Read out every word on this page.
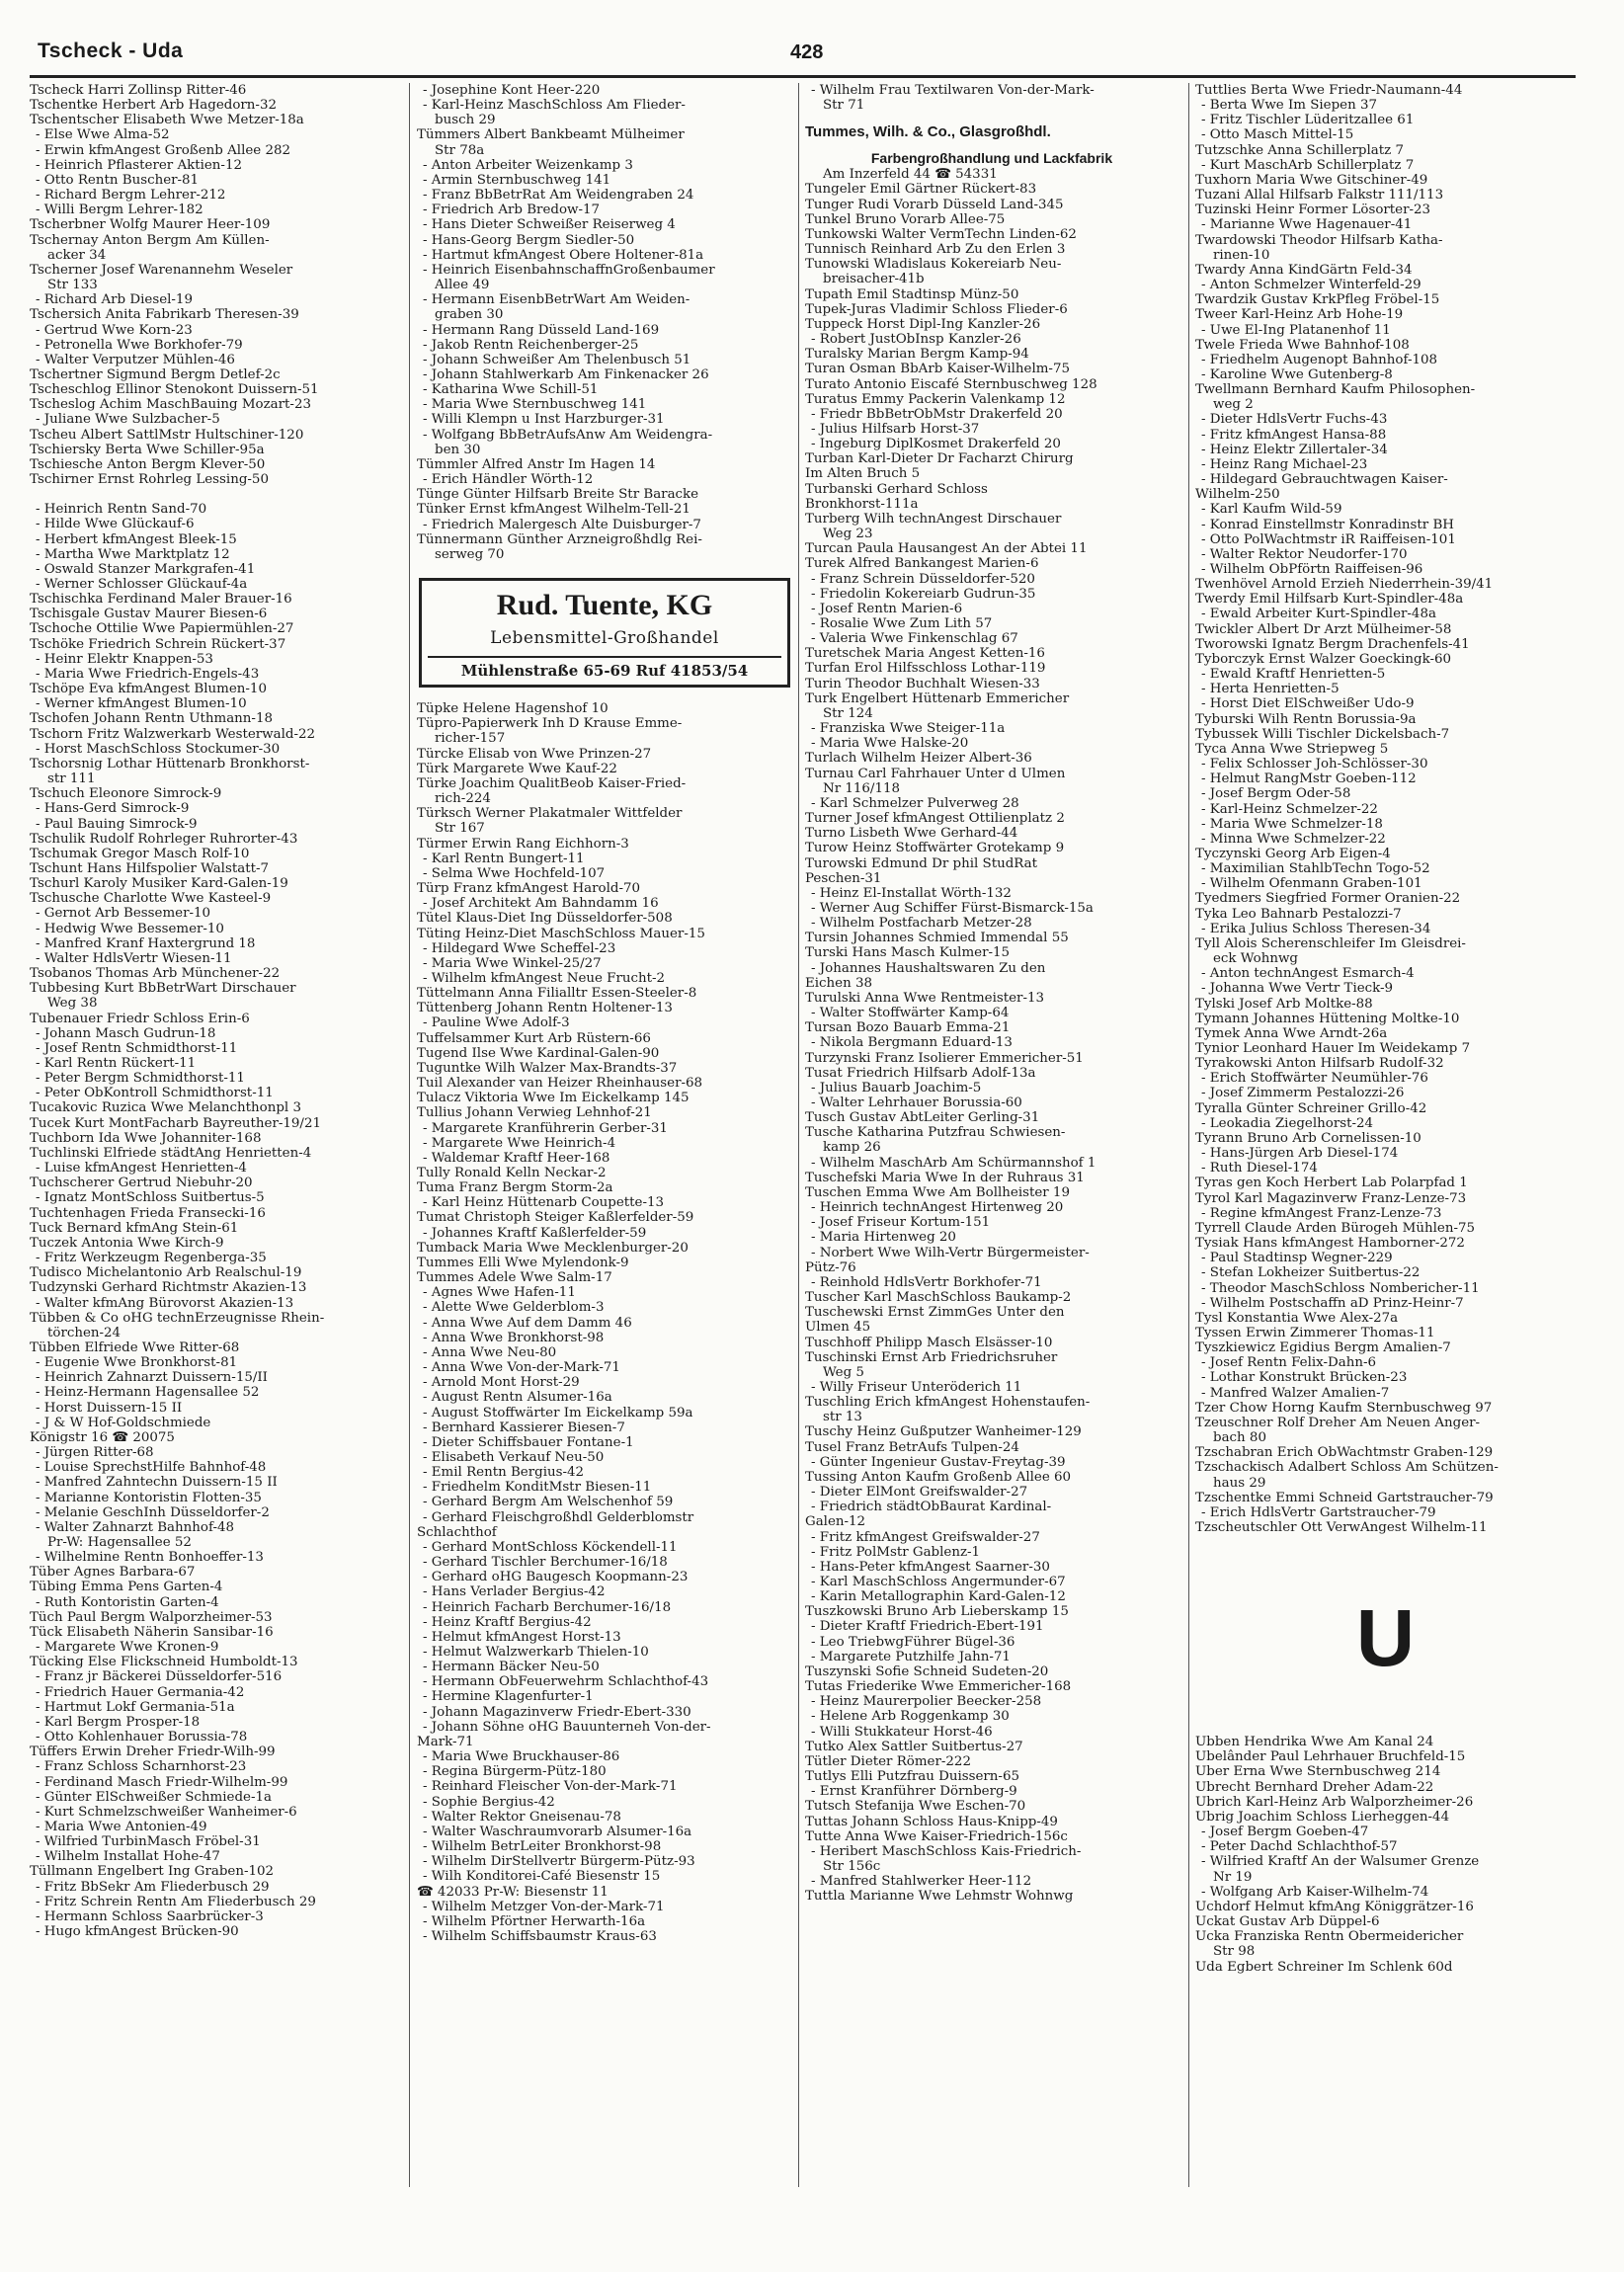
Tscheck - Uda	428
Tscheck Harri Zollinsp Ritter-46
Tschentke Herbert Arb Hagedorn-32
Tschentscher Elisabeth Wwe Metzer-18a
- Else Wwe Alma-52
- Erwin kfmAngest Großenb Allee 282
- Heinrich Pflasterer Aktien-12
- Otto Rentn Buscher-81
- Richard Bergm Lehrer-212
- Willi Bergm Lehrer-182
Tscherbner Wolfg Maurer Heer-109
Tschernay Anton Bergm Am Küllen-
acker 34
Tscherner Josef Warenannehm Weseler
Str 133
- Richard Arb Diesel-19
Tschersich Anita Fabrikarb Theresen-39
- Gertrud Wwe Korn-23
- Petronella Wwe Borkhofer-79
- Walter Verputzer Mühlen-46
Tschertner Sigmund Bergm Detlef-2c
Tscheschlog Ellinor Stenokont Duissern-51
Tscheslog Achim MaschBauing Mozart-23
- Juliane Wwe Sulzbacher-5
Tscheu Albert SattlMstr Hultschiner-120
Tschiersky Berta Wwe Schiller-95a
Tschiesche Anton Bergm Klever-50
Tschirner Ernst Rohrleg Lessing-50
- Heinrich Rentn Sand-70
- Hilde Wwe Glückauf-6
- Herbert kfmAngest Bleek-15
- Martha Wwe Marktplatz 12
- Oswald Stanzer Markgrafen-41
- Werner Schlosser Glückauf-4a
Tschischka Ferdinand Maler Brauer-16
Tschisgale Gustav Maurer Biesen-6
Tschoche Ottilie Wwe Papiermühlen-27
Tschöke Friedrich Schrein Rückert-37
- Heinr Elektr Knappen-53
- Maria Wwe Friedrich-Engels-43
Tschöpe Eva kfmAngest Blumen-10
- Werner kfmAngest Blumen-10
Tschofen Johann Rentn Uthmann-18
Tschorn Fritz Walzwerkarb Westerwald-22
- Horst MaschSchloss Stockumer-30
Tschorsnig Lothar Hüttenarb Bronkhorst-
str 111
Tschuch Eleonore Simrock-9
- Hans-Gerd Simrock-9
- Paul Bauing Simrock-9
Tschulik Rudolf Rohrleger Ruhrorter-43
Tschumak Gregor Masch Rolf-10
Tschunt Hans Hilfspolier Walstatt-7
Tschurl Karoly Musiker Kard-Galen-19
Tschusche Charlotte Wwe Kasteel-9
- Gernot Arb Bessemer-10
- Hedwig Wwe Bessemer-10
- Manfred Kranf Haxtergrund 18
- Walter HdlsVertr Wiesen-11
Tsobanos Thomas Arb Münchener-22
Tubbesing Kurt BbBetrWart Dirschauer
Weg 38
Tubenauer Friedr Schloss Erin-6
- Johann Masch Gudrun-18
- Josef Rentn Schmidthorst-11
- Karl Rentn Rückert-11
- Peter Bergm Schmidthorst-11
- Peter ObKontroll Schmidthorst-11
Tucakovic Ruzica Wwe Melanchthonpl 3
Tucek Kurt MontFacharb Bayreuther-19/21
Tuchborn Ida Wwe Johanniter-168
Tuchlinski Elfriede städtAng Henrietten-4
- Luise kfmAngest Henrietten-4
Tuchscherer Gertrud Niebuhr-20
- Ignatz MontSchloss Suitbertus-5
Tuchtenhagen Frieda Fransecki-16
Tuck Bernard kfmAng Stein-61
Tuczek Antonia Wwe Kirch-9
- Fritz Werkzeugm Regenberga-35
Tudisco Michelantonio Arb Realschul-19
Tudzynski Gerhard Richtmstr Akazien-13
- Walter kfmAng Bürovorst Akazien-13
Tübben & Co oHG technErzeugnisse Rhein-
törchen-24
Tübben Elfriede Wwe Ritter-68
- Eugenie Wwe Bronkhorst-81
- Heinrich Zahnarzt Duissern-15/II
- Heinz-Hermann Hagensallee 52
- Horst Duissern-15 II
- J & W Hof-Goldschmiede
Königstr 16 ☎ 20075
- Jürgen Ritter-68
- Louise SprechstHilfe Bahnhof-48
- Manfred Zahntechn Duissern-15 II
- Marianne Kontoristin Flotten-35
- Melanie GeschInh Düsseldorfer-2
- Walter Zahnarzt Bahnhof-48
Pr-W: Hagensallee 52
- Wilhelmine Rentn Bonhoeffer-13
Tüber Agnes Barbara-67
Tübing Emma Pens Garten-4
- Ruth Kontoristin Garten-4
Tüch Paul Bergm Walporzheimer-53
Tück Elisabeth Näherin Sansibar-16
- Margarete Wwe Kronen-9
Tücking Else Flickschneid Humboldt-13
- Franz jr Bäckerei Düsseldorfer-516
- Friedrich Hauer Germania-42
- Hartmut Lokf Germania-51a
- Karl Bergm Prosper-18
- Otto Kohlenhauer Borussia-78
Tüffers Erwin Dreher Friedr-Wilh-99
- Franz Schloss Scharnhorst-23
- Ferdinand Masch Friedr-Wilhelm-99
- Günter ElSchweißer Schmiede-1a
- Kurt Schmelzschweißer Wanheimer-6
- Maria Wwe Antonien-49
- Wilfried TurbinMasch Fröbel-31
- Wilhelm Installat Hohe-47
Tüllmann Engelbert Ing Graben-102
- Fritz BbSekr Am Fliederbusch 29
- Fritz Schrein Rentn Am Fliederbusch 29
- Hermann Schloss Saarbrücker-3
- Hugo kfmAngest Brücken-90
- Josephine Kont Heer-220
- Karl-Heinz MaschSchloss Am Flieder-
busch 29
Tümmers Albert Bankbeamt Mülheimer
Str 78a
- Anton Arbeiter Weizenkamp 3
- Armin Sternbuschweg 141
- Franz BbBetrRat Am Weidengraben 24
- Friedrich Arb Bredow-17
- Hans Dieter Schweißer Reiserweg 4
- Hans-Georg Bergm Siedler-50
- Hartmut kfmAngest Obere Holtener-81a
- Heinrich EisenbahnschaffnGroßenbaumer
Allee 49
- Hermann EisenbBetrWart Am Weiden-
graben 30
- Hermann Rang Düsseld Land-169
- Jakob Rentn Reichenberger-25
- Johann Schweißer Am Thelenbusch 51
- Johann Stahlwerkarb Am Finkenacker 26
- Katharina Wwe Schill-51
- Maria Wwe Sternbuschweg 141
- Willi Klempn u Inst Harzburger-31
- Wolfgang BbBetrAufsAnw Am Weidengra-
ben 30
Tümmler Alfred Anstr Im Hagen 14
- Erich Händler Wörth-12
Tünge Günter Hilfsarb Breite Str Baracke
Tünker Ernst kfmAngest Wilhelm-Tell-21
- Friedrich Malergesch Alte Duisburger-7
Tünnermann Günther Arzneigroßhdlg Rei-
serweg 70
Rud. Tuente, KG
Lebensmittel-Großhandel
Mühlenstraße 65-69 Ruf 41853/54
Tüpke Helene Hagenshof 10
Tüpro-Papierwerk Inh D Krause Emme-
richer-157
Türcke Elisab von Wwe Prinzen-27
Türk Margarete Wwe Kauf-22
Türke Joachim QualitBeob Kaiser-Fried-
rich-224
Türksch Werner Plakatmaler Wittfelder
Str 167
Türmer Erwin Rang Eichhorn-3
- Karl Rentn Bungert-11
- Selma Wwe Hochfeld-107
Türp Franz kfmAngest Harold-70
- Josef Architekt Am Bahndamm 16
Tütel Klaus-Diet Ing Düsseldorfer-508
Tüting Heinz-Diet MaschSchloss Mauer-15
- Hildegard Wwe Scheffel-23
- Maria Wwe Winkel-25/27
- Wilhelm kfmAngest Neue Frucht-2
Tüttelmann Anna Filialltr Essen-Steeler-8
Tüttenberg Johann Rentn Holtener-13
- Pauline Wwe Adolf-3
Tuffelsammer Kurt Arb Rüstern-66
Tugend Ilse Wwe Kardinal-Galen-90
Tuguntke Wilh Walzer Max-Brandts-37
Tuil Alexander van Heizer Rheinhauser-68
Tulacz Viktoria Wwe Im Eickelkamp 145
Tullius Johann Verwieg Lehnhof-21
- Margarete Kranführerin Gerber-31
- Margarete Wwe Heinrich-4
- Waldemar Kraftf Heer-168
Tully Ronald Kelln Neckar-2
Tuma Franz Bergm Storm-2a
- Karl Heinz Hüttenarb Coupette-13
Tumat Christoph Steiger Kaßlerfelder-59
- Johannes Kraftf Kaßlerfelder-59
Tumback Maria Wwe Mecklenburger-20
Tummes Elli Wwe Mylendonk-9
Tummes Adele Wwe Salm-17
- Agnes Wwe Hafen-11
- Alette Wwe Gelderblom-3
- Anna Wwe Auf dem Damm 46
- Anna Wwe Bronkhorst-98
- Anna Wwe Neu-80
- Anna Wwe Von-der-Mark-71
- Arnold Mont Horst-29
- August Rentn Alsumer-16a
- August Stoffwärter Im Eickelkamp 59a
- Bernhard Kassierer Biesen-7
- Dieter Schiffsbauer Fontane-1
- Elisabeth Verkauf Neu-50
- Emil Rentn Bergius-42
- Friedhelm KonditMstr Biesen-11
- Gerhard Bergm Am Welschenhof 59
- Gerhard Fleischgroßhdl Gelderblomstr
Schlachthof
- Gerhard MontSchloss Köckendell-11
- Gerhard Tischler Berchumer-16/18
- Gerhard oHG Baugesch Koopmann-23
- Hans Verlader Bergius-42
- Heinrich Facharb Berchumer-16/18
- Heinz Kraftf Bergius-42
- Helmut kfmAngest Horst-13
- Helmut Walzwerkarb Thielen-10
- Hermann Bäcker Neu-50
- Hermann ObFeuerwehrm Schlachthof-43
- Hermine Klagenfurter-1
- Johann Magazinverw Friedr-Ebert-330
- Johann Söhne oHG Bauunterneh Von-der-
Mark-71
- Maria Wwe Bruckhauser-86
- Regina Bürgerm-Pütz-180
- Reinhard Fleischer Von-der-Mark-71
- Sophie Bergius-42
- Walter Rektor Gneisenau-78
- Walter Waschraumvorarb Alsumer-16a
- Wilhelm BetrLeiter Bronkhorst-98
- Wilhelm DirStellvertr Bürgerm-Pütz-93
- Wilh Konditorei-Café Biesenstr 15
☎ 42033 Pr-W: Biesenstr 11
- Wilhelm Metzger Von-der-Mark-71
- Wilhelm Pförtner Herwarth-16a
- Wilhelm Schiffsbaumstr Kraus-63
- Wilhelm Frau Textilwaren Von-der-Mark-
Str 71
Tummes, Wilh. & Co., Glasgroßhdl.
Farbengroßhandlung und Lackfabrik
Am Inzerfeld 44 ☎ 54331
Tungeler Emil Gärtner Rückert-83
Tunger Rudi Vorarb Düsseld Land-345
Tunkel Bruno Vorarb Allee-75
Tunkowski Walter VermTechn Linden-62
Tunnisch Reinhard Arb Zu den Erlen 3
Tunowski Wladislaus Kokereiarb Neu-
breisacher-41b
Tupath Emil Stadtinsp Münz-50
Tupek-Juras Vladimir Schloss Flieder-6
Tuppeck Horst Dipl-Ing Kanzler-26
- Robert JustObInsp Kanzler-26
Turalsky Marian Bergm Kamp-94
Turan Osman BbArb Kaiser-Wilhelm-75
Turato Antonio Eiscafé Sternbuschweg 128
Turatus Emmy Packerin Valenkamp 12
- Friedr BbBetrObMstr Drakerfeld 20
- Julius Hilfsarb Horst-37
- Ingeburg DiplKosmet Drakerfeld 20
Turban Karl-Dieter Dr Facharzt Chirurg
Im Alten Bruch 5
Turbanski Gerhard Schloss
Bronkhorst-111a
Turberg Wilh technAngest Dirschauer
Weg 23
Turcan Paula Hausangest An der Abtei 11
Turek Alfred Bankangest Marien-6
- Franz Schrein Düsseldorfer-520
- Friedolin Kokereiarb Gudrun-35
- Josef Rentn Marien-6
- Rosalie Wwe Zum Lith 57
- Valeria Wwe Finkenschlag 67
Turetschek Maria Angest Ketten-16
Turfan Erol Hilfsschloss Lothar-119
Turin Theodor Buchhalt Wiesen-33
Turk Engelbert Hüttenarb Emmericher
Str 124
- Franziska Wwe Steiger-11a
- Maria Wwe Halske-20
Turlach Wilhelm Heizer Albert-36
Turnau Carl Fahrhauer Unter d Ulmen
Nr 116/118
- Karl Schmelzer Pulverweg 28
Turner Josef kfmAngest Ottilienplatz 2
Turno Lisbeth Wwe Gerhard-44
Turow Heinz Stoffwärter Grotekamp 9
Turowski Edmund Dr phil StudRat
Peschen-31
- Heinz El-Installat Wörth-132
- Werner Aug Schiffer Fürst-Bismarck-15a
- Wilhelm Postfacharb Metzer-28
Tursin Johannes Schmied Immendal 55
Turski Hans Masch Kulmer-15
- Johannes Haushaltswaren Zu den
Eichen 38
Turulski Anna Wwe Rentmeister-13
- Walter Stoffwärter Kamp-64
Tursan Bozo Bauarb Emma-21
- Nikola Bergmann Eduard-13
Turzynski Franz Isolierer Emmericher-51
Tusat Friedrich Hilfsarb Adolf-13a
- Julius Bauarb Joachim-5
- Walter Lehrhauer Borussia-60
Tusch Gustav AbtLeiter Gerling-31
Tusche Katharina Putzfrau Schwiesen-
kamp 26
- Wilhelm MaschArb Am Schürmannshof 1
Tuschefski Maria Wwe In der Ruhraus 31
Tuschen Emma Wwe Am Bollheister 19
- Heinrich technAngest Hirtenweg 20
- Josef Friseur Kortum-151
- Maria Hirtenweg 20
- Norbert Wwe Wilh-Vertr Bürgermeister-
Pütz-76
- Reinhold HdlsVertr Borkhofer-71
Tuscher Karl MaschSchloss Baukamp-2
Tuschewski Ernst ZimmGes Unter den
Ulmen 45
Tuschhoff Philipp Masch Elsässer-10
Tuschinski Ernst Arb Friedrichsruher
Weg 5
- Willy Friseur Unteröderich 11
Tuschling Erich kfmAngest Hohenstaufen-
str 13
Tuschy Heinz Gußputzer Wanheimer-129
Tusel Franz BetrAufs Tulpen-24
- Günter Ingenieur Gustav-Freytag-39
Tussing Anton Kaufm Großenb Allee 60
- Dieter ElMont Greifswalder-27
- Friedrich städtObBaurat Kardinal-
Galen-12
- Fritz kfmAngest Greifswalder-27
- Fritz PolMstr Gablenz-1
- Hans-Peter kfmAngest Saarner-30
- Karl MaschSchloss Angermunder-67
- Karin Metallographin Kard-Galen-12
Tuszkowski Bruno Arb Lieberskamp 15
- Dieter Kraftf Friedrich-Ebert-191
- Leo TriebwgFührer Bügel-36
- Margarete Putzhilfe Jahn-71
Tuszynski Sofie Schneid Sudeten-20
Tutas Friederike Wwe Emmericher-168
- Heinz Maurerpolier Beecker-258
- Helene Arb Roggenkamp 30
- Willi Stukkateur Horst-46
Tutko Alex Sattler Suitbertus-27
Tütler Dieter Römer-222
Tutlys Elli Putzfrau Duissern-65
- Ernst Kranführer Dörnberg-9
Tutsch Stefanija Wwe Eschen-70
Tuttas Johann Schloss Haus-Knipp-49
Tutte Anna Wwe Kaiser-Friedrich-156c
- Heribert MaschSchloss Kais-Friedrich-
Str 156c
- Manfred Stahlwerker Heer-112
Tuttla Marianne Wwe Lehmstr Wohnwg
Tuttlies Berta Wwe Friedr-Naumann-44
- Berta Wwe Im Siepen 37
- Fritz Tischler Lüderitzallee 61
- Otto Masch Mittel-15
Tutzschke Anna Schillerplatz 7
- Kurt MaschArb Schillerplatz 7
Tuxhorn Maria Wwe Gitschiner-49
Tuzani Allal Hilfsarb Falkstr 111/113
Tuzinski Heinr Former Lösorter-23
- Marianne Wwe Hagenauer-41
Twardowski Theodor Hilfsarb Katha-
rinen-10
Twardy Anna KindGärtn Feld-34
- Anton Schmelzer Winterfeld-29
Twardzik Gustav KrkPfleg Fröbel-15
Tweer Karl-Heinz Arb Hohe-19
- Uwe El-Ing Platanenhof 11
Twele Frieda Wwe Bahnhof-108
- Friedhelm Augenopt Bahnhof-108
- Karoline Wwe Gutenberg-8
Twellmann Bernhard Kaufm Philosophen-
weg 2
- Dieter HdlsVertr Fuchs-43
- Fritz kfmAngest Hansa-88
- Heinz Elektr Zillertaler-34
- Heinz Rang Michael-23
- Hildegard Gebrauchtwagen Kaiser-
Wilhelm-250
- Karl Kaufm Wild-59
- Konrad Einstellmstr Konradinstr BH
- Otto PolWachtmstr iR Raiffeisen-101
- Walter Rektor Neudorfer-170
- Wilhelm ObPförtn Raiffeisen-96
Twenhövel Arnold Erzieh Niederrhein-39/41
Twerdy Emil Hilfsarb Kurt-Spindler-48a
- Ewald Arbeiter Kurt-Spindler-48a
Twickler Albert Dr Arzt Mülheimer-58
Tworowski Ignatz Bergm Drachenfels-41
Tyborczyk Ernst Walzer Goeckingk-60
- Ewald Kraftf Henrietten-5
- Herta Henrietten-5
- Horst Diet ElSchweißer Udo-9
Tyburski Wilh Rentn Borussia-9a
Tybussek Willi Tischler Dickelsbach-7
Tyca Anna Wwe Striepweg 5
- Felix Schlosser Joh-Schlösser-30
- Helmut RangMstr Goeben-112
- Josef Bergm Oder-58
- Karl-Heinz Schmelzer-22
- Maria Wwe Schmelzer-18
- Minna Wwe Schmelzer-22
Tyczynski Georg Arb Eigen-4
- Maximilian StahlbTechn Togo-52
- Wilhelm Ofenmann Graben-101
Tyedmers Siegfried Former Oranien-22
Tyka Leo Bahnarb Pestalozzi-7
- Erika Julius Schloss Theresen-34
Tyll Alois Scherenschleifer Im Gleisdrei-
eck Wohnwg
- Anton technAngest Esmarch-4
- Johanna Wwe Vertr Tieck-9
Tylski Josef Arb Moltke-88
Tymann Johannes Hüttening Moltke-10
Tymek Anna Wwe Arndt-26a
Tynior Leonhard Hauer Im Weidekamp 7
Tyrakowski Anton Hilfsarb Rudolf-32
- Erich Stoffwärter Neumühler-76
- Josef Zimmerm Pestalozzi-26
Tyralla Günter Schreiner Grillo-42
- Leokadia Ziegelhorst-24
Tyrann Bruno Arb Cornelissen-10
- Hans-Jürgen Arb Diesel-174
- Ruth Diesel-174
Tyras gen Koch Herbert Lab Polarpfad 1
Tyrol Karl Magazinverw Franz-Lenze-73
- Regine kfmAngest Franz-Lenze-73
Tyrrell Claude Arden Bürogeh Mühlen-75
Tysiak Hans kfmAngest Hamborner-272
- Paul Stadtinsp Wegner-229
- Stefan Lokheizer Suitbertus-22
- Theodor MaschSchloss Nombericher-11
- Wilhelm Postschaffn aD Prinz-Heinr-7
Tysl Konstantia Wwe Alex-27a
Tyssen Erwin Zimmerer Thomas-11
Tyszkiewicz Egidius Bergm Amalien-7
- Josef Rentn Felix-Dahn-6
- Lothar Konstrukt Brücken-23
- Manfred Walzer Amalien-7
Tzer Chow Horng Kaufm Sternbuschweg 97
Tzeuschner Rolf Dreher Am Neuen Anger-
bach 80
Tzschabran Erich ObWachtmstr Graben-129
Tzschackisch Adalbert Schloss Am Schützen-
haus 29
Tzschentke Emmi Schneid Gartstraucher-79
- Erich HdlsVertr Gartstraucher-79
Tzscheutschler Ott VerwAngest Wilhelm-11
U
Ubben Hendrika Wwe Am Kanal 24
Ubelânder Paul Lehrhauer Bruchfeld-15
Uber Erna Wwe Sternbuschweg 214
Ubrecht Bernhard Dreher Adam-22
Ubrich Karl-Heinz Arb Walporzheimer-26
Ubrig Joachim Schloss Lierheggen-44
- Josef Bergm Goeben-47
- Peter Dachd Schlachthof-57
- Wilfried Kraftf An der Walsumer Grenze
Nr 19
- Wolfgang Arb Kaiser-Wilhelm-74
Uchdorf Helmut kfmAng Königgrätzer-16
Uckat Gustav Arb Düppel-6
Ucka Franziska Rentn Obermeidericher
Str 98
Uda Egbert Schreiner Im Schlenk 60d
